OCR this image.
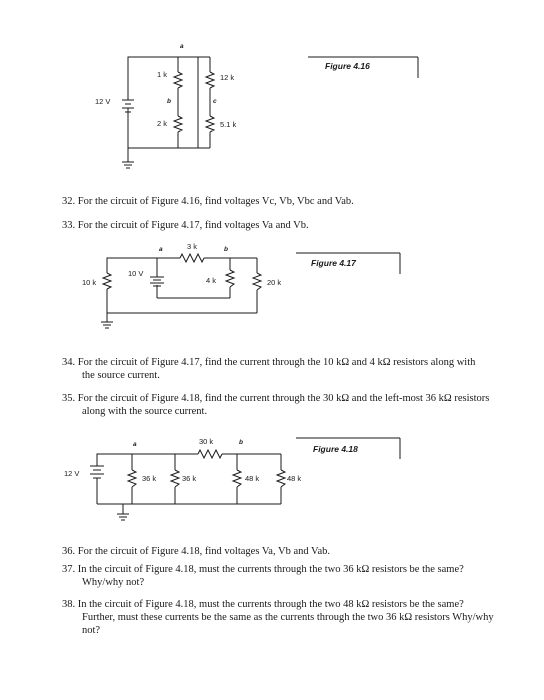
Figure 4.16
12 V
a
b	c
1 k	12 k
2 k	5.1 k
Figure 4.17
10 k
10 V
a	b
3 k
4 k	20 k
Figure 4.18
12 V
a	b
30 k
36 k	36 k	48 k	48 k
32. For the circuit of Figure 4.16, find voltages Vc, Vb, Vbc and Vab.
33. For the circuit of Figure 4.17, find voltages Va and Vb.
34. For the circuit of Figure 4.17, find the current through the 10 kΩ and 4 kΩ resistors along with
the source current.
35. For the circuit of Figure 4.18, find the current through the 30 kΩ and the left-most 36 kΩ resistors
along with the source current.
36. For the circuit of Figure 4.18, find voltages Va, Vb and Vab.
37. In the circuit of Figure 4.18, must the currents through the two 36 kΩ resistors be the same?
Why/why not?
38. In the circuit of Figure 4.18, must the currents through the two 48 kΩ resistors be the same?
Further, must these currents be the same as the currents through the two 36 kΩ resistors Why/why
not?
